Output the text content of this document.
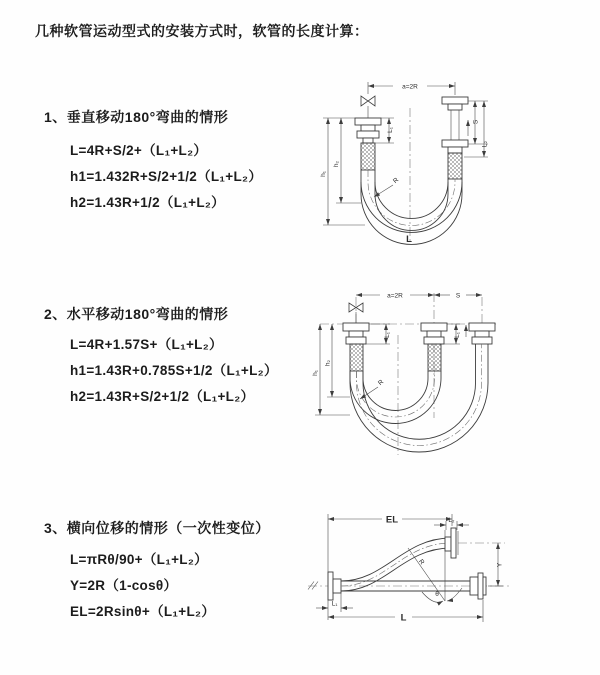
几种软管运动型式的安装方式时，软管的长度计算：
1、垂直移动180°弯曲的情形
L=4R+S/2+（L₁+L₂）
h1=1.432R+S/2+1/2（L₁+L₂）
h2=1.43R+1/2（L₁+L₂）
a=2R
h₁
h₂
L₁
S
L₂
R
L
2、水平移动180°弯曲的情形
L=4R+1.57S+（L₁+L₂）
h1=1.43R+0.785S+1/2（L₁+L₂）
h2=1.43R+S/2+1/2（L₁+L₂）
a=2R	S
h₁
h₂
L₁	L₁
R
3、横向位移的情形（一次性变位）
L=πRθ/90+（L₁+L₂）
Y=2R（1-cosθ）
EL=2Rsinθ+（L₁+L₂）
θ
R
EL	L₂
Y
L
L₁
